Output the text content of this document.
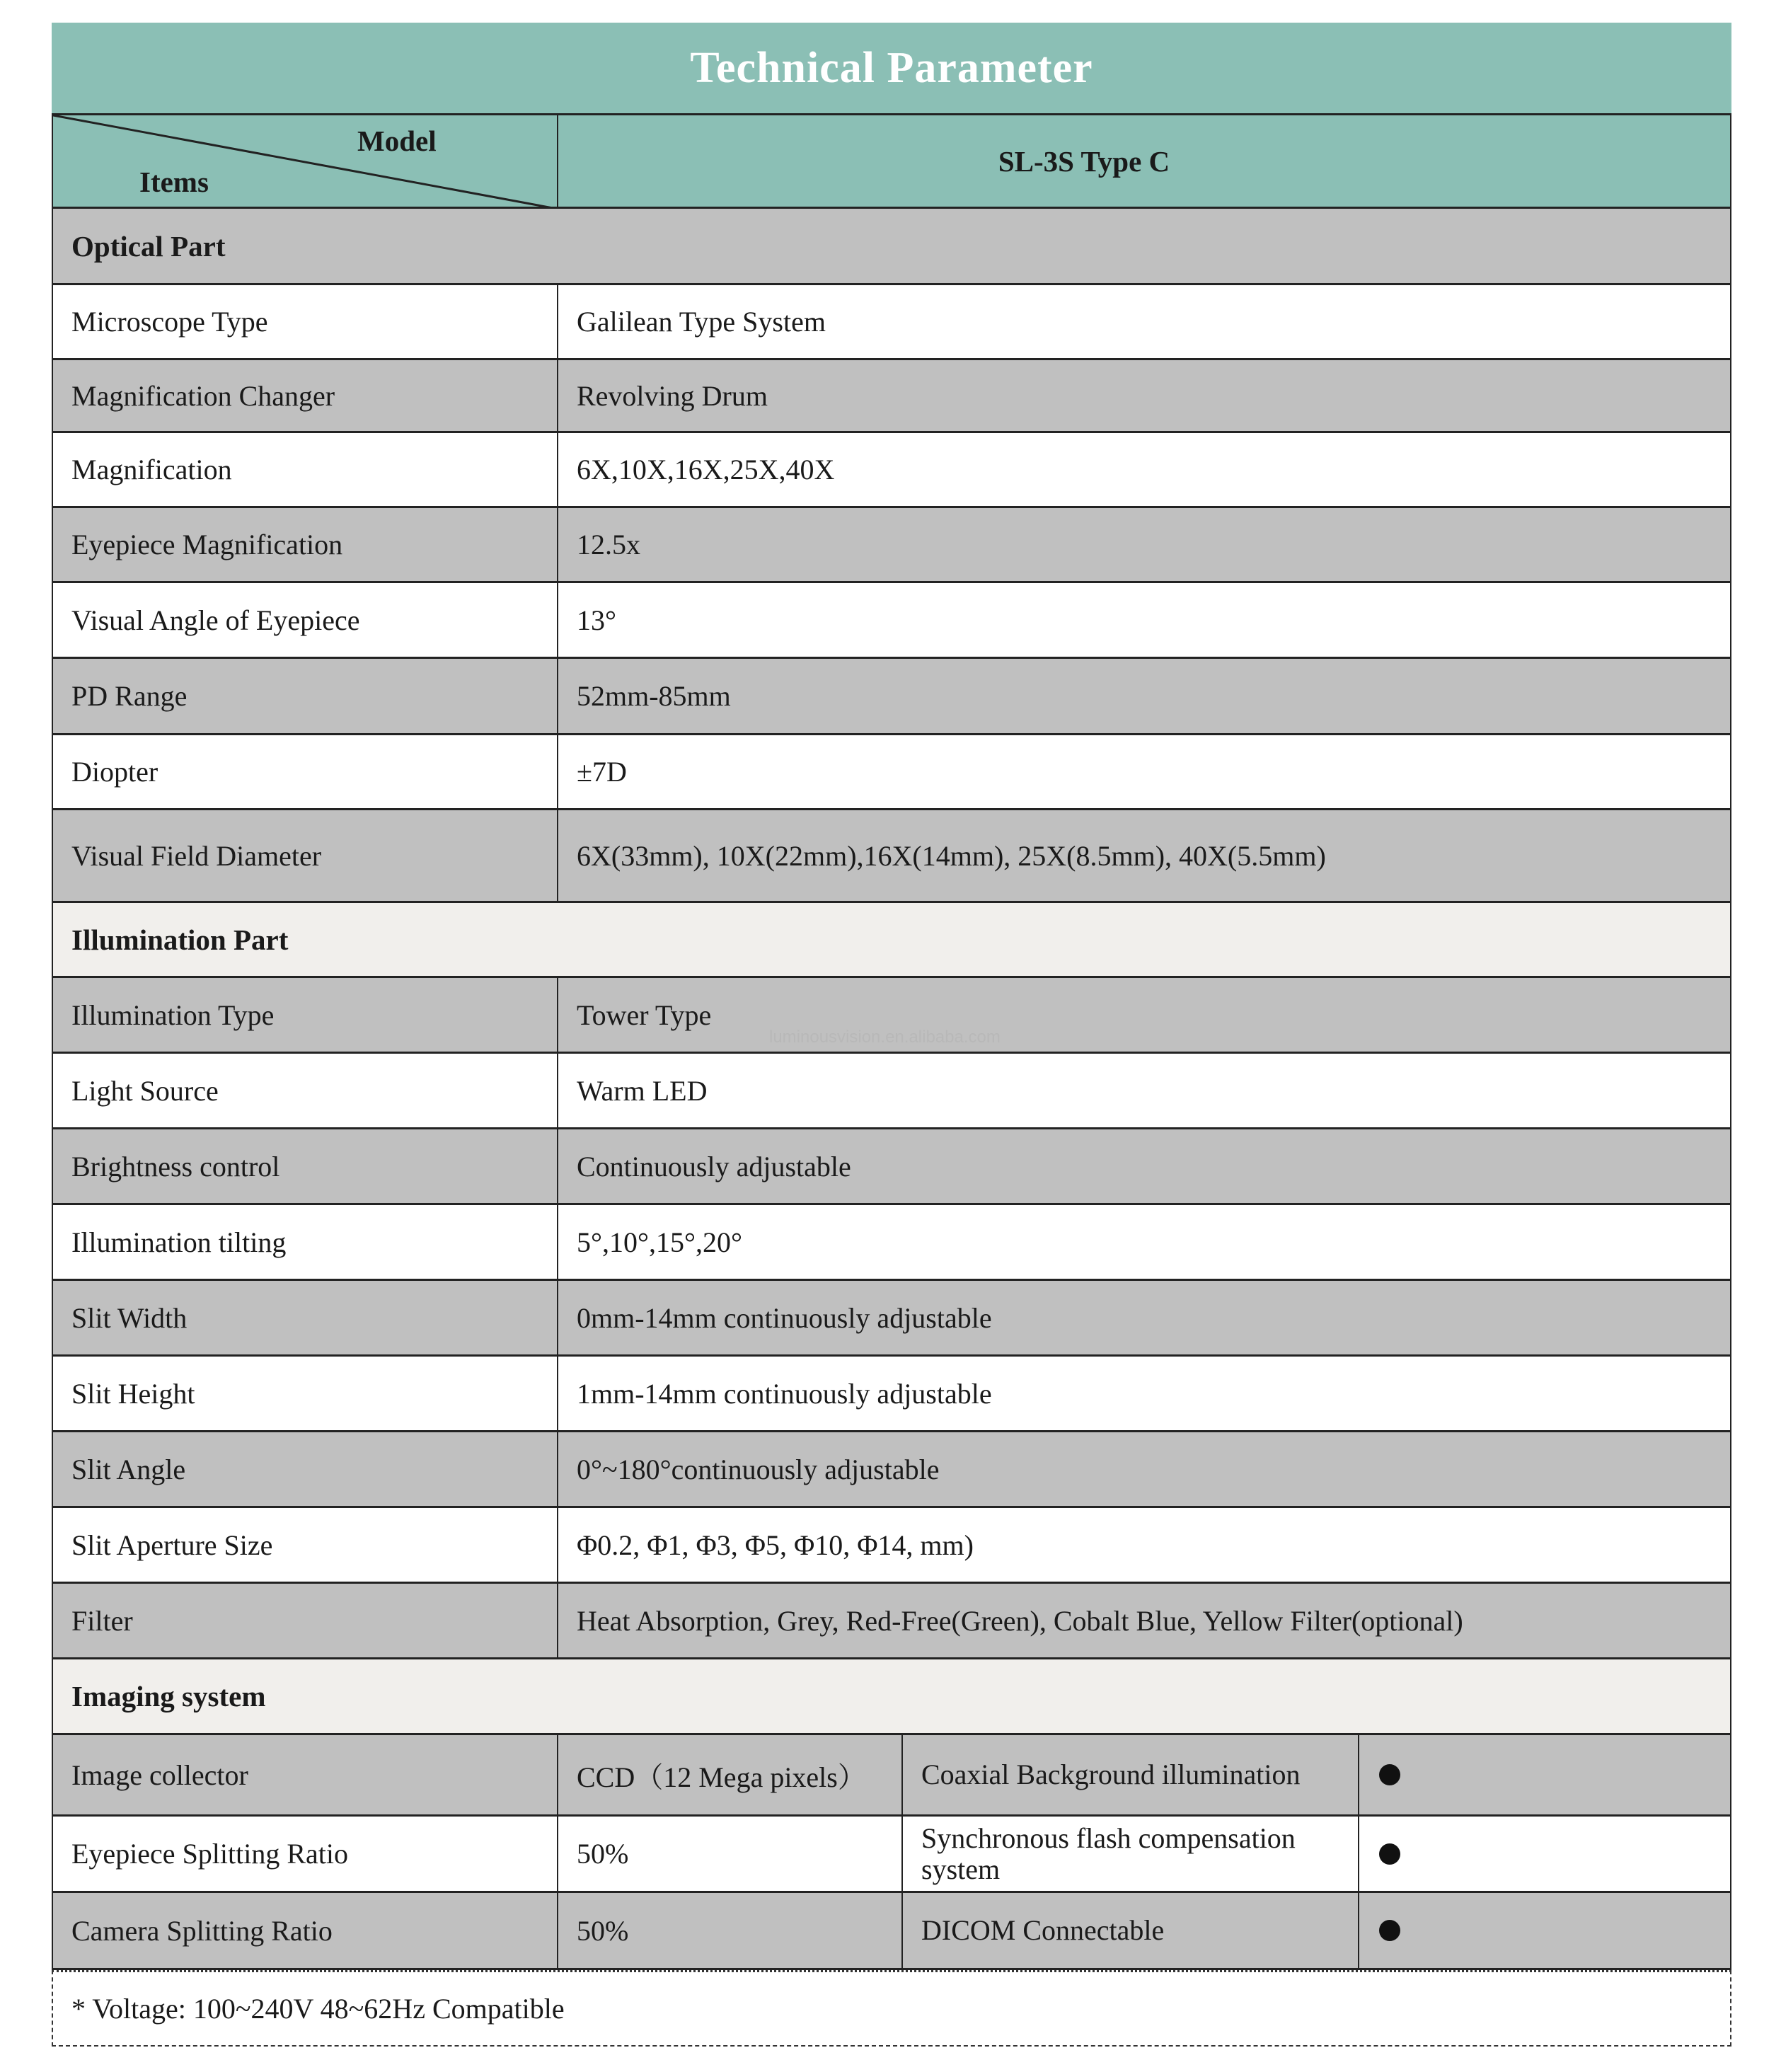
Technical Parameter
Model
Items
SL-3S Type C
Optical Part
Microscope Type	Galilean Type System
Magnification Changer	Revolving Drum
Magnification	6X,10X,16X,25X,40X
Eyepiece Magnification	12.5x
Visual Angle of Eyepiece	13°
PD Range	52mm-85mm
Diopter	±7D
Visual Field Diameter	6X(33mm), 10X(22mm),16X(14mm), 25X(8.5mm), 40X(5.5mm)
Illumination Part
Illumination Type	Tower Type
Light Source	Warm LED
Brightness control	Continuously adjustable
Illumination tilting	5°,10°,15°,20°
Slit Width	0mm-14mm continuously adjustable
Slit Height	1mm-14mm continuously adjustable
Slit Angle	0°~180°continuously adjustable
Slit Aperture Size	Φ0.2, Φ1, Φ3, Φ5, Φ10, Φ14, mm)
Filter	Heat Absorption, Grey, Red-Free(Green), Cobalt Blue, Yellow Filter(optional)
Imaging system
Image collector	CCD（12 Mega pixels）	Coaxial Background illumination
Eyepiece Splitting Ratio	50%	Synchronous flash compensation system
Camera Splitting Ratio	50%	DICOM Connectable
* Voltage: 100~240V 48~62Hz Compatible
luminousvision.en.alibaba.com
